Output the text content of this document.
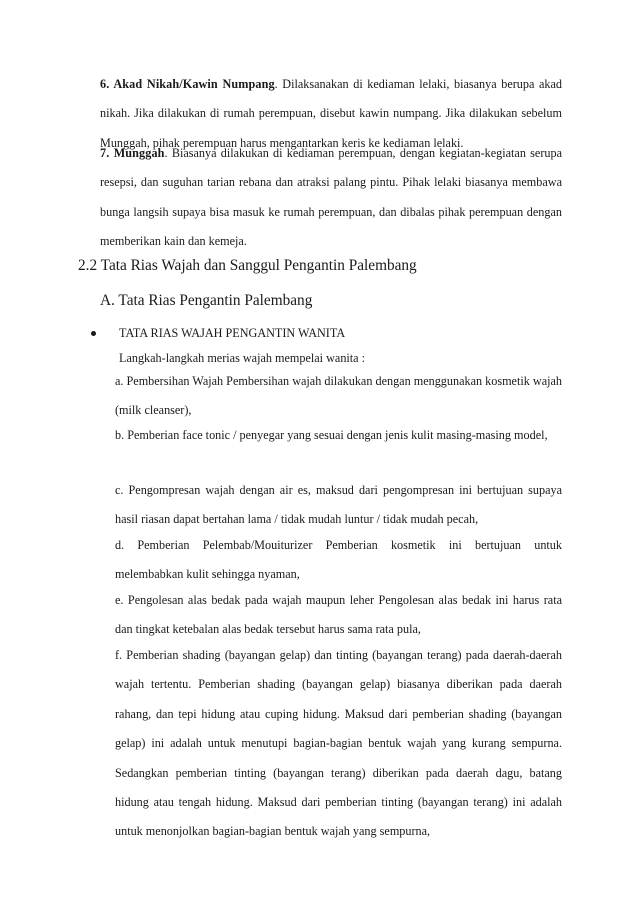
6. Akad Nikah/Kawin Numpang. Dilaksanakan di kediaman lelaki, biasanya berupa akad nikah. Jika dilakukan di rumah perempuan, disebut kawin numpang. Jika dilakukan sebelum Munggah, pihak perempuan harus mengantarkan keris ke kediaman lelaki.

7. Munggah. Biasanya dilakukan di kediaman perempuan, dengan kegiatan-kegiatan serupa resepsi, dan suguhan tarian rebana dan atraksi palang pintu. Pihak lelaki biasanya membawa bunga langsih supaya bisa masuk ke rumah perempuan, dan dibalas pihak perempuan dengan memberikan kain dan kemeja.

2.2 Tata Rias Wajah dan Sanggul Pengantin Palembang
A. Tata Rias Pengantin Palembang
TATA RIAS WAJAH PENGANTIN WANITA
Langkah-langkah merias wajah mempelai wanita :

a. Pembersihan Wajah Pembersihan wajah dilakukan dengan menggunakan kosmetik wajah (milk cleanser),

b. Pemberian face tonic / penyegar yang sesuai dengan jenis kulit masing-masing model,

c. Pengompresan wajah dengan air es, maksud dari pengompresan ini bertujuan supaya hasil riasan dapat bertahan lama / tidak mudah luntur / tidak mudah pecah,

d. Pemberian Pelembab/Mouiturizer Pemberian kosmetik ini bertujuan untuk melembabkan kulit sehingga nyaman,

e. Pengolesan alas bedak pada wajah maupun leher Pengolesan alas bedak ini harus rata dan tingkat ketebalan alas bedak tersebut harus sama rata pula,

f. Pemberian shading (bayangan gelap) dan tinting (bayangan terang) pada daerah-daerah wajah tertentu. Pemberian shading (bayangan gelap) biasanya diberikan pada daerah rahang, dan tepi hidung atau cuping hidung. Maksud dari pemberian shading (bayangan gelap) ini adalah untuk menutupi bagian-bagian bentuk wajah yang kurang sempurna. Sedangkan pemberian tinting (bayangan terang) diberikan pada daerah dagu, batang hidung atau tengah hidung. Maksud dari pemberian tinting (bayangan terang) ini adalah untuk menonjolkan bagian-bagian bentuk wajah yang sempurna,
